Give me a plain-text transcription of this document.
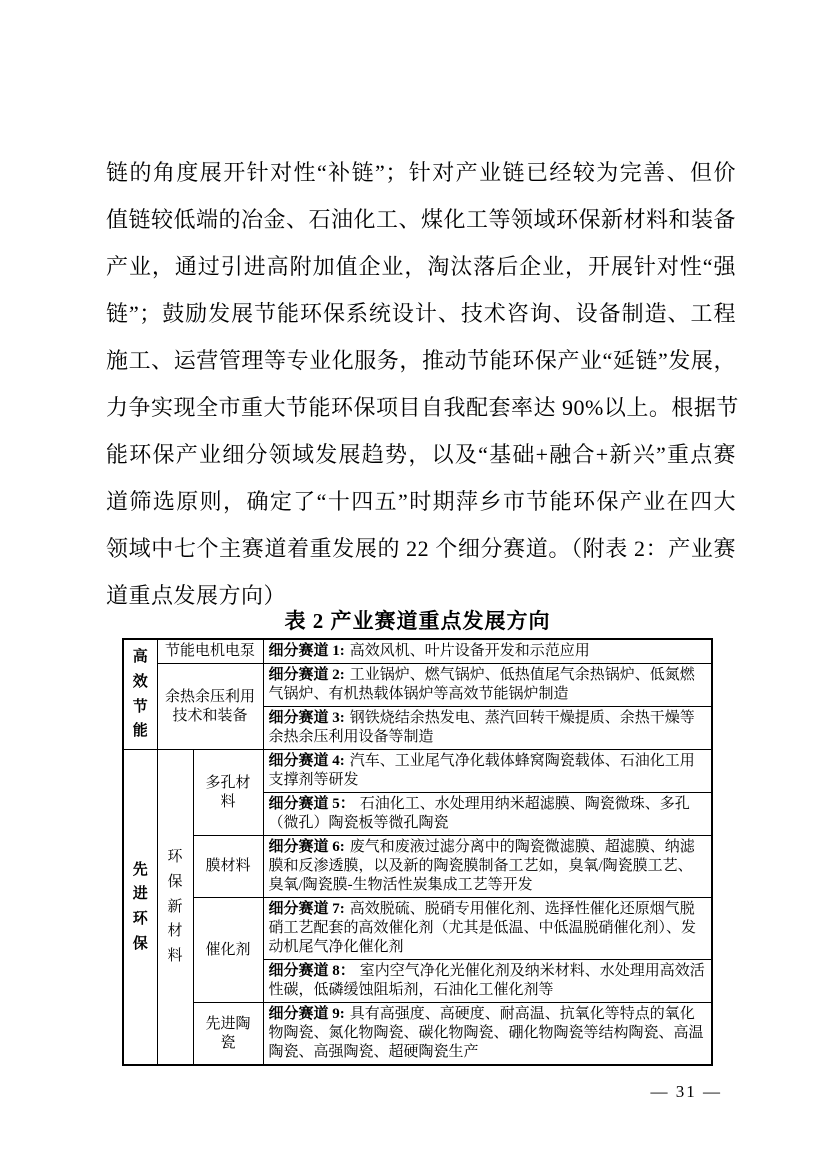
链的角度展开针对性“补链”；针对产业链已经较为完善、但价
值链较低端的冶金、石油化工、煤化工等领域环保新材料和装备
产业，通过引进高附加值企业，淘汰落后企业，开展针对性“强
链”；鼓励发展节能环保系统设计、技术咨询、设备制造、工程
施工、运营管理等专业化服务，推动节能环保产业“延链”发展，
力争实现全市重大节能环保项目自我配套率达 90%以上。根据节
能环保产业细分领域发展趋势，以及“基础+融合+新兴”重点赛
道筛选原则，确定了“十四五”时期萍乡市节能环保产业在四大
领域中七个主赛道着重发展的 22 个细分赛道。（附表 2：产业赛
道重点发展方向）
表 2 产业赛道重点发展方向
高效节能	节能电机电泵		细分赛道 1: 高效风机、叶片设备开发和示范应用
	余热余压利用技术和装备		细分赛道 2: 工业锅炉、燃气锅炉、低热值尾气余热锅炉、低氮燃气锅炉、有机热载体锅炉等高效节能锅炉制造
			细分赛道 3: 钢铁烧结余热发电、蒸汽回转干燥提质、余热干燥等余热余压利用设备等制造

先进环保	环保新材料	多孔材料	细分赛道 4: 汽车、工业尾气净化载体蜂窝陶瓷载体、石油化工用支撑剂等研发
			细分赛道 5： 石油化工、水处理用纳米超滤膜、陶瓷微珠、多孔（微孔）陶瓷板等微孔陶瓷
		膜材料	细分赛道 6: 废气和废液过滤分离中的陶瓷微滤膜、超滤膜、纳滤膜和反渗透膜，以及新的陶瓷膜制备工艺如，臭氧/陶瓷膜工艺、臭氧/陶瓷膜-生物活性炭集成工艺等开发
		催化剂	细分赛道 7: 高效脱硫、脱硝专用催化剂、选择性催化还原烟气脱硝工艺配套的高效催化剂（尤其是低温、中低温脱硝催化剂）、发动机尾气净化催化剂
			细分赛道 8： 室内空气净化光催化剂及纳米材料、水处理用高效活性碳，低磷缓蚀阻垢剂，石油化工催化剂等
		先进陶瓷	细分赛道 9: 具有高强度、高硬度、耐高温、抗氧化等特点的氧化物陶瓷、氮化物陶瓷、碳化物陶瓷、硼化物陶瓷等结构陶瓷、高温陶瓷、高强陶瓷、超硬陶瓷生产
— 31 —
